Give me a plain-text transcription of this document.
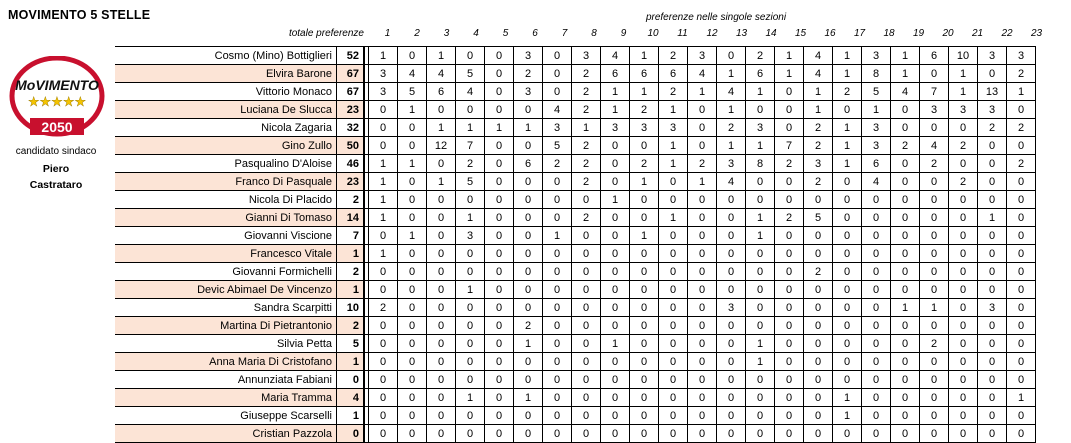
MOVIMENTO 5 STELLE
MoVIMENTO
★★★★★
2050
candidato sindaco
Piero
Castrataro
preferenze nelle singole sezioni
totale preferenze	1	2	3	4	5	6	7	8	9	10	11	12	13	14	15	16	17	18	19	20	21	22	23
Cosmo (Mino) Bottiglieri	52		1	0	1	0	0	3	0	3	4	1	2	3	0	2	1	4	1	3	1	6	10	3	3
Elvira Barone	67		3	4	4	5	0	2	0	2	6	6	6	4	1	6	1	4	1	8	1	0	1	0	2
Vittorio Monaco	67		3	5	6	4	0	3	0	2	1	1	2	1	4	1	0	1	2	5	4	7	1	13	1
Luciana De Slucca	23		0	1	0	0	0	0	4	2	1	2	1	0	1	0	0	1	0	1	0	3	3	3	0
Nicola Zagaria	32		0	0	1	1	1	1	3	1	3	3	3	0	2	3	0	2	1	3	0	0	0	2	2
Gino Zullo	50		0	0	12	7	0	0	5	2	0	0	1	0	1	1	7	2	1	3	2	4	2	0	0
Pasqualino D'Aloise	46		1	1	0	2	0	6	2	2	0	2	1	2	3	8	2	3	1	6	0	2	0	0	2
Franco Di Pasquale	23		1	0	1	5	0	0	0	2	0	1	0	1	4	0	0	2	0	4	0	0	2	0	0
Nicola Di Placido	2		1	0	0	0	0	0	0	0	1	0	0	0	0	0	0	0	0	0	0	0	0	0	0
Gianni Di Tomaso	14		1	0	0	1	0	0	0	2	0	0	1	0	0	1	2	5	0	0	0	0	0	1	0
Giovanni Viscione	7		0	1	0	3	0	0	1	0	0	1	0	0	0	1	0	0	0	0	0	0	0	0	0
Francesco Vitale	1		1	0	0	0	0	0	0	0	0	0	0	0	0	0	0	0	0	0	0	0	0	0	0
Giovanni Formichelli	2		0	0	0	0	0	0	0	0	0	0	0	0	0	0	0	2	0	0	0	0	0	0	0
Devic Abimael De Vincenzo	1		0	0	0	1	0	0	0	0	0	0	0	0	0	0	0	0	0	0	0	0	0	0	0
Sandra Scarpitti	10		2	0	0	0	0	0	0	0	0	0	0	0	3	0	0	0	0	0	1	1	0	3	0
Martina Di Pietrantonio	2		0	0	0	0	0	2	0	0	0	0	0	0	0	0	0	0	0	0	0	0	0	0	0
Silvia Petta	5		0	0	0	0	0	1	0	0	1	0	0	0	0	1	0	0	0	0	0	2	0	0	0
Anna Maria Di Cristofano	1		0	0	0	0	0	0	0	0	0	0	0	0	0	1	0	0	0	0	0	0	0	0	0
Annunziata Fabiani	0		0	0	0	0	0	0	0	0	0	0	0	0	0	0	0	0	0	0	0	0	0	0	0
Maria Tramma	4		0	0	0	1	0	1	0	0	0	0	0	0	0	0	0	0	1	0	0	0	0	0	1
Giuseppe Scarselli	1		0	0	0	0	0	0	0	0	0	0	0	0	0	0	0	0	1	0	0	0	0	0	0
Cristian Pazzola	0		0	0	0	0	0	0	0	0	0	0	0	0	0	0	0	0	0	0	0	0	0	0	0
